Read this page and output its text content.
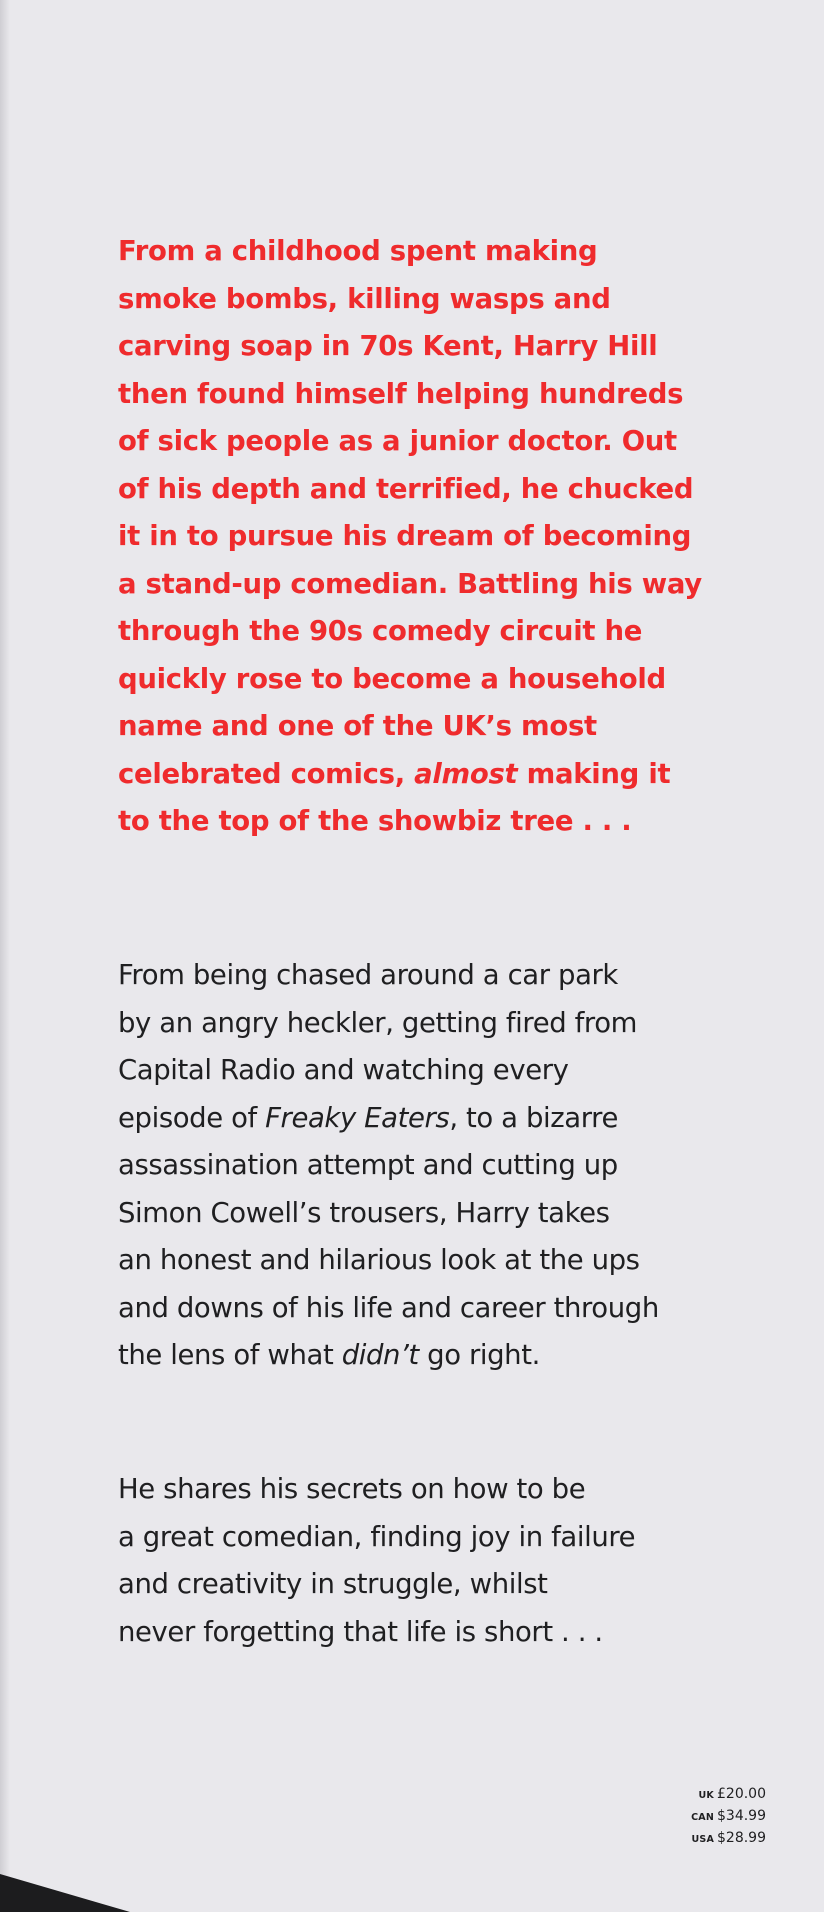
From a childhood spent making
smoke bombs, killing wasps and
carving soap in 70s Kent, Harry Hill
then found himself helping hundreds
of sick people as a junior doctor. Out
of his depth and terrified, he chucked
it in to pursue his dream of becoming
a stand-up comedian. Battling his way
through the 90s comedy circuit he
quickly rose to become a household
name and one of the UK’s most
celebrated comics, almost making it
to the top of the showbiz tree . . .
From being chased around a car park
by an angry heckler, getting fired from
Capital Radio and watching every
episode of Freaky Eaters, to a bizarre
assassination attempt and cutting up
Simon Cowell’s trousers, Harry takes
an honest and hilarious look at the ups
and downs of his life and career through
the lens of what didn’t go right.
He shares his secrets on how to be
a great comedian, finding joy in failure
and creativity in struggle, whilst
never forgetting that life is short . . .
UK £20.00
CAN $34.99
USA $28.99
